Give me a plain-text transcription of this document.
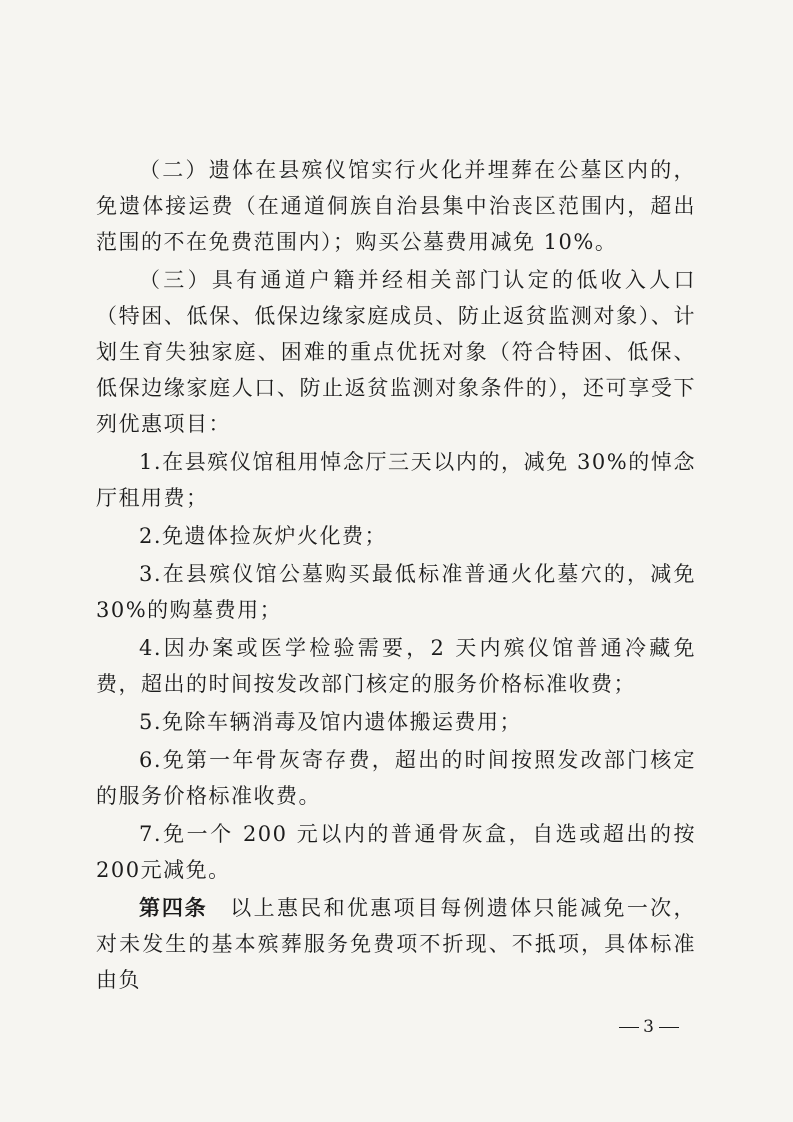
（二）遗体在县殡仪馆实行火化并埋葬在公墓区内的，免遗体接运费（在通道侗族自治县集中治丧区范围内，超出范围的不在免费范围内）；购买公墓费用减免 10%。

（三）具有通道户籍并经相关部门认定的低收入人口（特困、低保、低保边缘家庭成员、防止返贫监测对象）、计划生育失独家庭、困难的重点优抚对象（符合特困、低保、低保边缘家庭人口、防止返贫监测对象条件的），还可享受下列优惠项目：

1.在县殡仪馆租用悼念厅三天以内的，减免 30%的悼念厅租用费；

2.免遗体捡灰炉火化费；

3.在县殡仪馆公墓购买最低标准普通火化墓穴的，减免 30%的购墓费用；

4.因办案或医学检验需要，2 天内殡仪馆普通冷藏免费，超出的时间按发改部门核定的服务价格标准收费；

5.免除车辆消毒及馆内遗体搬运费用；

6.免第一年骨灰寄存费，超出的时间按照发改部门核定的服务价格标准收费。

7.免一个 200 元以内的普通骨灰盒，自选或超出的按 200元减免。

第四条 以上惠民和优惠项目每例遗体只能减免一次，对未发生的基本殡葬服务免费项不折现、不抵项，具体标准由负

3
